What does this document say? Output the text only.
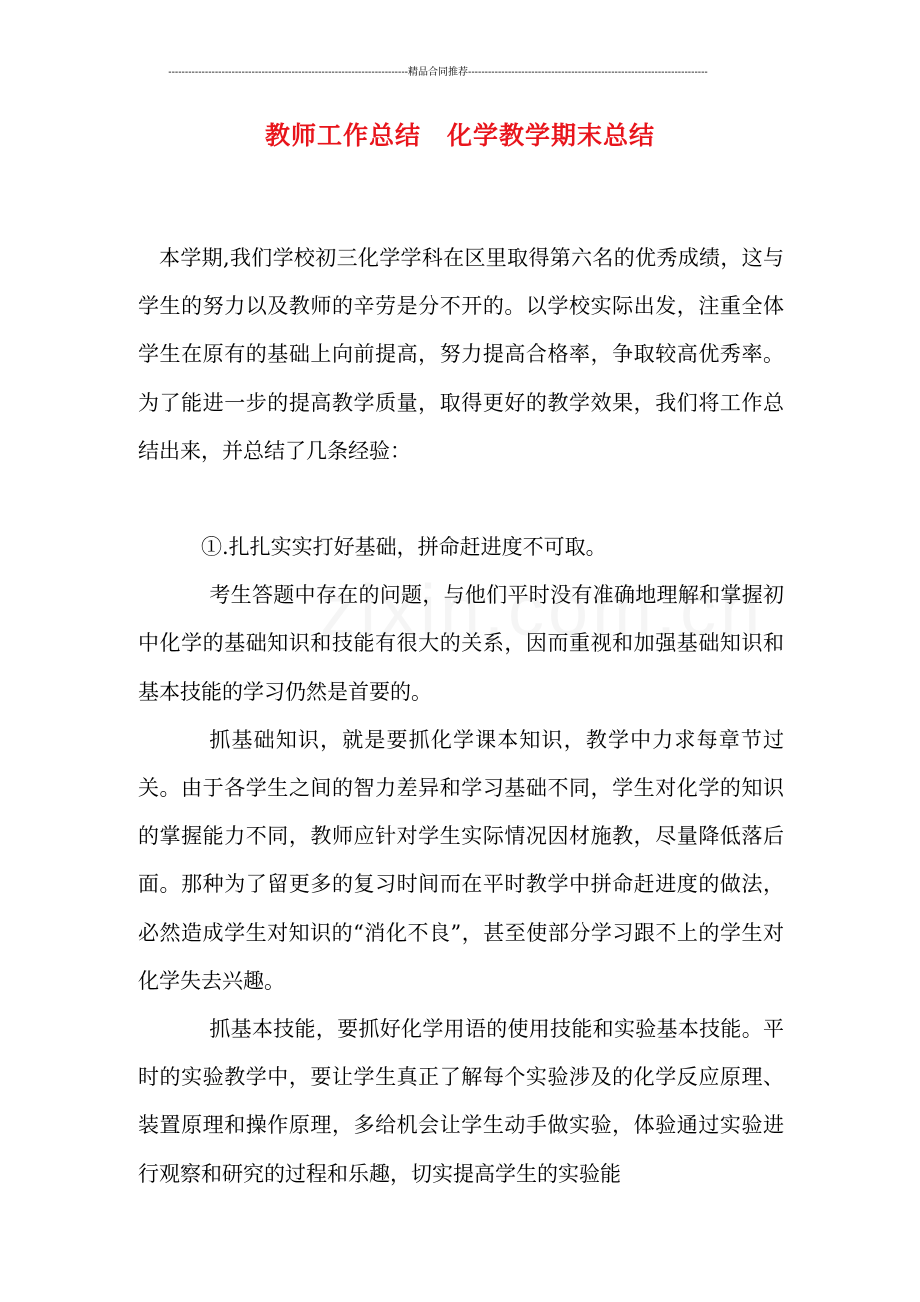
------------------------------------------------------------------------精品合同推荐------------------------------------------------------------------------
教师工作总结　化学教学期末总结

本学期,我们学校初三化学学科在区里取得第六名的优秀成绩，这与学生的努力以及教师的辛劳是分不开的。以学校实际出发，注重全体学生在原有的基础上向前提高，努力提高合格率，争取较高优秀率。为了能进一步的提高教学质量，取得更好的教学效果，我们将工作总结出来，并总结了几条经验：

①.扎扎实实打好基础，拼命赶进度不可取。

考生答题中存在的问题，与他们平时没有准确地理解和掌握初中化学的基础知识和技能有很大的关系，因而重视和加强基础知识和基本技能的学习仍然是首要的。

抓基础知识，就是要抓化学课本知识，教学中力求每章节过关。由于各学生之间的智力差异和学习基础不同，学生对化学的知识的掌握能力不同，教师应针对学生实际情况因材施教，尽量降低落后面。那种为了留更多的复习时间而在平时教学中拼命赶进度的做法，必然造成学生对知识的“消化不良”，甚至使部分学习跟不上的学生对化学失去兴趣。

抓基本技能，要抓好化学用语的使用技能和实验基本技能。平时的实验教学中，要让学生真正了解每个实验涉及的化学反应原理、装置原理和操作原理，多给机会让学生动手做实验，体验通过实验进行观察和研究的过程和乐趣，切实提高学生的实验能
